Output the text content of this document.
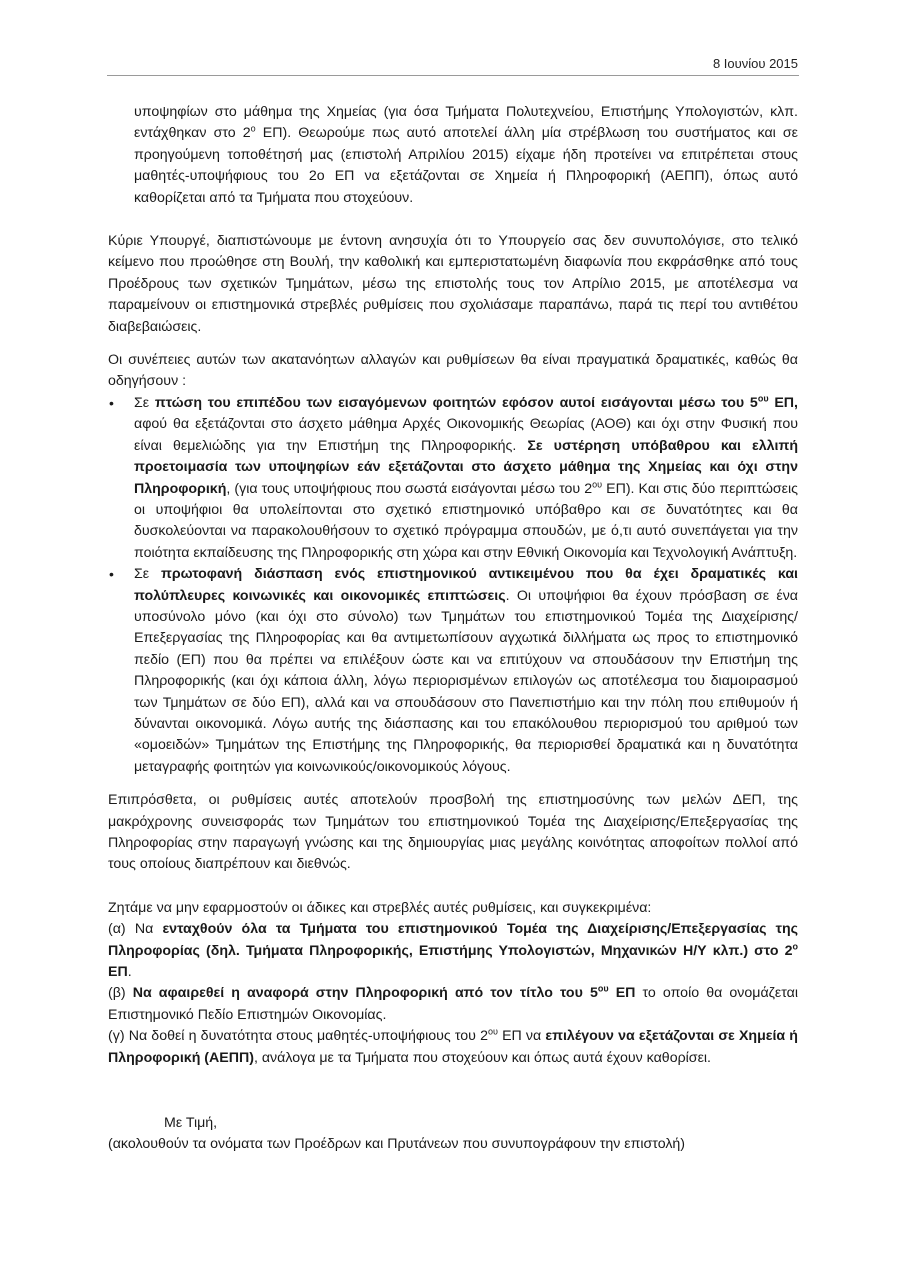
8 Ιουνίου 2015

υποψηφίων στο μάθημα της Χημείας (για όσα Τμήματα Πολυτεχνείου, Επιστήμης Υπολογιστών, κλπ. εντάχθηκαν στο $2^o$ ΕΠ). Θεωρούμε πως αυτό αποτελεί άλλη μία στρέβλωση του συστήματος και σε προηγούμενη τοποθέτησή μας (επιστολή Απριλίου 2015) είχαμε ήδη προτείνει να επιτρέπεται στους μαθητές-υποψήφιους του 2ο ΕΠ να εξετάζονται σε Χημεία ή Πληροφορική (ΑΕΠΠ), όπως αυτό καθορίζεται από τα Τμήματα που στοχεύουν.

Κύριε Υπουργέ, διαπιστώνουμε με έντονη ανησυχία ότι το Υπουργείο σας δεν συνυπολόγισε, στο τελικό κείμενο που προώθησε στη Βουλή, την καθολική και εμπεριστατωμένη διαφωνία που εκφράσθηκε από τους Προέδρους των σχετικών Τμημάτων, μέσω της επιστολής τους τον Απρίλιο 2015, με αποτέλεσμα να παραμείνουν οι επιστημονικά στρεβλές ρυθμίσεις που σχολιάσαμε παραπάνω, παρά τις περί του αντιθέτου διαβεβαιώσεις.

Οι συνέπειες αυτών των ακατανόητων αλλαγών και ρυθμίσεων θα είναι πραγματικά δραματικές, καθώς θα οδηγήσουν :

• Σε πτώση του επιπέδου των εισαγόμενων φοιτητών εφόσον αυτοί εισάγονται μέσω του $5^{o\upsilon}$ ΕΠ, αφού θα εξετάζονται στο άσχετο μάθημα Αρχές Οικονομικής Θεωρίας (ΑΟΘ) και όχι στην Φυσική που είναι θεμελιώδης για την Επιστήμη της Πληροφορικής. Σε υστέρηση υπόβαθρου και ελλιπή προετοιμασία των υποψηφίων εάν εξετάζονται στο άσχετο μάθημα της Χημείας και όχι στην Πληροφορική, (για τους υποψήφιους που σωστά εισάγονται μέσω του $2^{o\upsilon}$ ΕΠ). Και στις δύο περιπτώσεις οι υποψήφιοι θα υπολείπονται στο σχετικό επιστημονικό υπόβαθρο και σε δυνατότητες και θα δυσκολεύονται να παρακολουθήσουν το σχετικό πρόγραμμα σπουδών, με ό,τι αυτό συνεπάγεται για την ποιότητα εκπαίδευσης της Πληροφορικής στη χώρα και στην Εθνική Οικονομία και Τεχνολογική Ανάπτυξη.
• Σε πρωτοφανή διάσπαση ενός επιστημονικού αντικειμένου που θα έχει δραματικές και πολύπλευρες κοινωνικές και οικονομικές επιπτώσεις. Οι υποψήφιοι θα έχουν πρόσβαση σε ένα υποσύνολο μόνο (και όχι στο σύνολο) των Τμημάτων του επιστημονικού Τομέα της Διαχείρισης/Επεξεργασίας της Πληροφορίας και θα αντιμετωπίσουν αγχωτικά διλλήματα ως προς το επιστημονικό πεδίο (ΕΠ) που θα πρέπει να επιλέξουν ώστε και να επιτύχουν να σπουδάσουν την Επιστήμη της Πληροφορικής (και όχι κάποια άλλη, λόγω περιορισμένων επιλογών ως αποτέλεσμα του διαμοιρασμού των Τμημάτων σε δύο ΕΠ), αλλά και να σπουδάσουν στο Πανεπιστήμιο και την πόλη που επιθυμούν ή δύνανται οικονομικά. Λόγω αυτής της διάσπασης και του επακόλουθου περιορισμού του αριθμού των «ομοειδών» Τμημάτων της Επιστήμης της Πληροφορικής, θα περιορισθεί δραματικά και η δυνατότητα μεταγραφής φοιτητών για κοινωνικούς/οικονομικούς λόγους.

Επιπρόσθετα, οι ρυθμίσεις αυτές αποτελούν προσβολή της επιστημοσύνης των μελών ΔΕΠ, της μακρόχρονης συνεισφοράς των Τμημάτων του επιστημονικού Τομέα της Διαχείρισης/Επεξεργασίας της Πληροφορίας στην παραγωγή γνώσης και της δημιουργίας μιας μεγάλης κοινότητας αποφοίτων πολλοί από τους οποίους διαπρέπουν και διεθνώς.

Ζητάμε να μην εφαρμοστούν οι άδικες και στρεβλές αυτές ρυθμίσεις, και συγκεκριμένα:

(α) Να ενταχθούν όλα τα Τμήματα του επιστημονικού Τομέα της Διαχείρισης/Επεξεργασίας της Πληροφορίας (δηλ. Τμήματα Πληροφορικής, Επιστήμης Υπολογιστών, Μηχανικών Η/Υ κλπ.) στο $2^o$ ΕΠ.

(β) Να αφαιρεθεί η αναφορά στην Πληροφορική από τον τίτλο του $5^{o\upsilon}$ ΕΠ το οποίο θα ονομάζεται Επιστημονικό Πεδίο Επιστημών Οικονομίας.

(γ) Να δοθεί η δυνατότητα στους μαθητές-υποψήφιους του $2^{o\upsilon}$ ΕΠ να επιλέγουν να εξετάζονται σε Χημεία ή Πληροφορική (ΑΕΠΠ), ανάλογα με τα Τμήματα που στοχεύουν και όπως αυτά έχουν καθορίσει.

Με Τιμή,

(ακολουθούν τα ονόματα των Προέδρων και Πρυτάνεων που συνυπογράφουν την επιστολή)
